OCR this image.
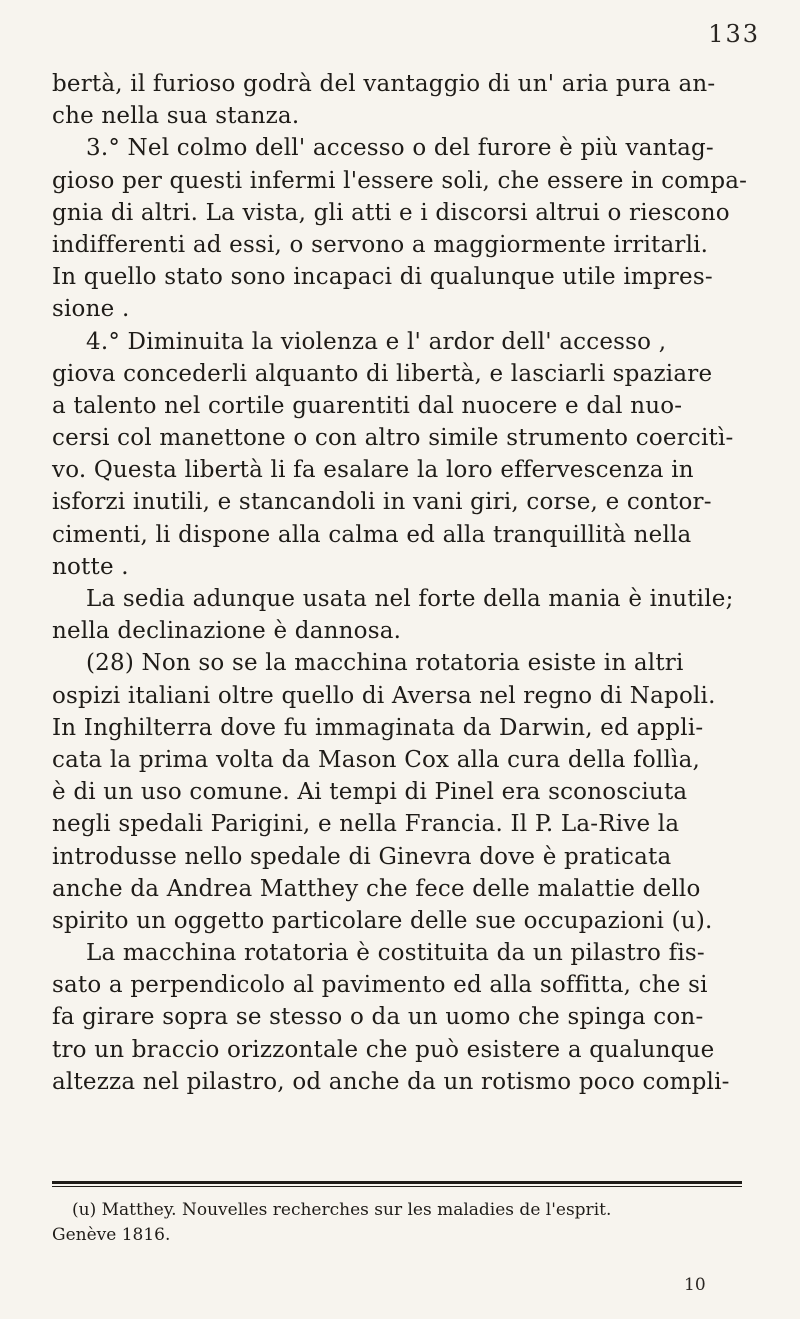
133
bertà, il furioso godrà del vantaggio di un' aria pura an-
che nella sua stanza.
3.° Nel colmo dell' accesso o del furore è più vantag-
gioso per questi infermi l'essere soli, che essere in compa-
gnia di altri. La vista, gli atti e i discorsi altrui o riescono
indifferenti ad essi, o servono a maggiormente irritarli.
In quello stato sono incapaci di qualunque utile impres-
sione .
4.° Diminuita la violenza e l' ardor dell' accesso ,
giova concederli alquanto di libertà, e lasciarli spaziare
a talento nel cortile guarentiti dal nuocere e dal nuo-
cersi col manettone o con altro simile strumento coercitì-
vo. Questa libertà li fa esalare la loro effervescenza in
isforzi inutili, e stancandoli in vani giri, corse, e contor-
cimenti, li dispone alla calma ed alla tranquillità nella
notte .
La sedia adunque usata nel forte della mania è inutile;
nella declinazione è dannosa.
(28) Non so se la macchina rotatoria esiste in altri
ospizi italiani oltre quello di Aversa nel regno di Napoli.
In Inghilterra dove fu immaginata da Darwin, ed appli-
cata la prima volta da Mason Cox alla cura della follìa,
è di un uso comune. Ai tempi di Pinel era sconosciuta
negli spedali Parigini, e nella Francia. Il P. La-Rive la
introdusse nello spedale di Ginevra dove è praticata
anche da Andrea Matthey che fece delle malattie dello
spirito un oggetto particolare delle sue occupazioni (u).
La macchina rotatoria è costituita da un pilastro fis-
sato a perpendicolo al pavimento ed alla soffitta, che si
fa girare sopra se stesso o da un uomo che spinga con-
tro un braccio orizzontale che può esistere a qualunque
altezza nel pilastro, od anche da un rotismo poco compli-
(u) Matthey. Nouvelles recherches sur les maladies de l'esprit.
Genève 1816.
10
